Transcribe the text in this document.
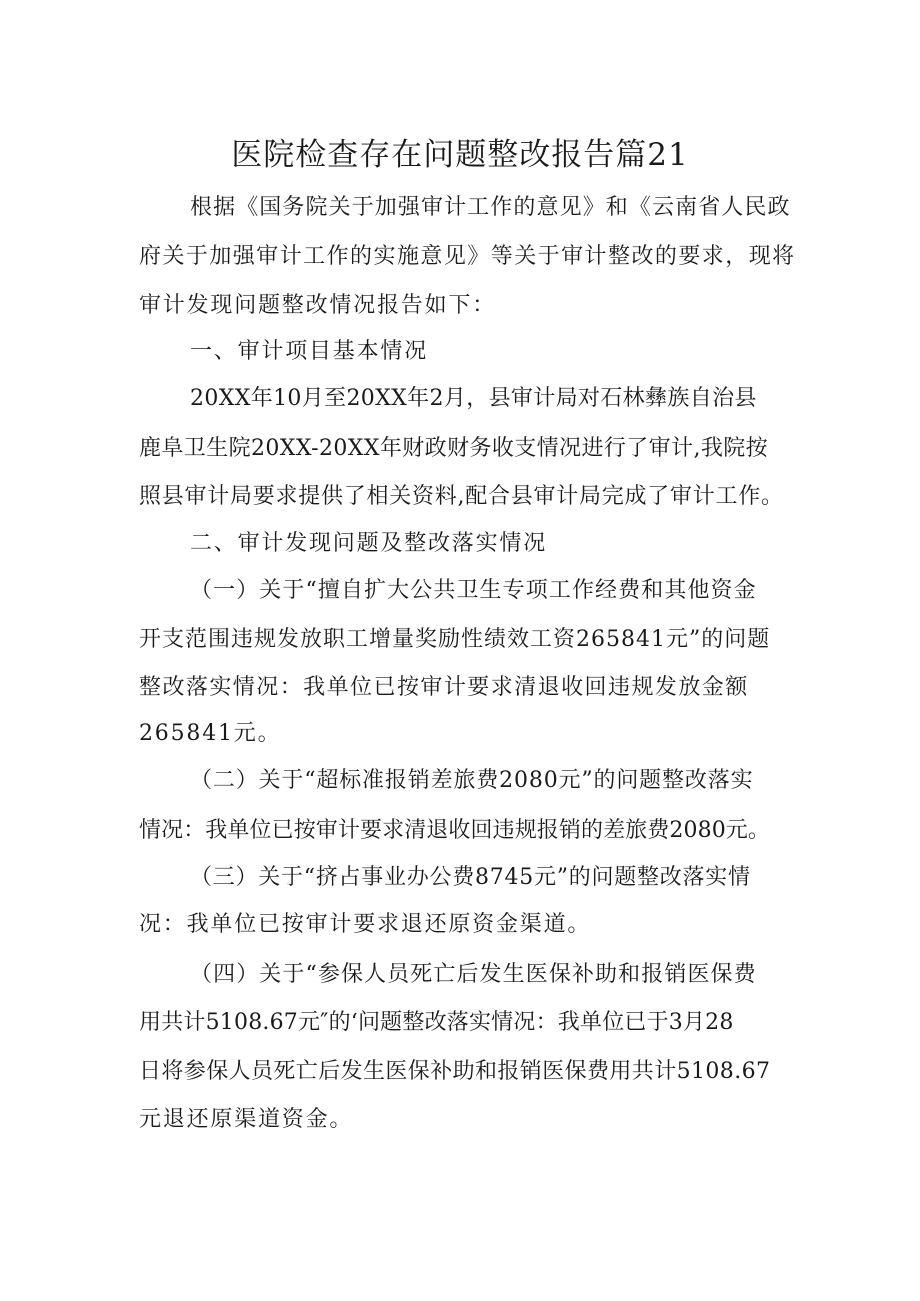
医院检查存在问题整改报告篇21
根据《国务院关于加强审计工作的意见》和《云南省人民政
府关于加强审计工作的实施意见》等关于审计整改的要求，现将
审计发现问题整改情况报告如下：
一、审计项目基本情况
20XX年10月至20XX年2月，县审计局对石林彝族自治县
鹿阜卫生院20XX-20XX年财政财务收支情况进行了审计,我院按
照县审计局要求提供了相关资料,配合县审计局完成了审计工作。
二、审计发现问题及整改落实情况
（一）关于“擅自扩大公共卫生专项工作经费和其他资金
开支范围违规发放职工增量奖励性绩效工资265841元”的问题
整改落实情况：我单位已按审计要求清退收回违规发放金额
265841元。
（二）关于“超标准报销差旅费2080元”的问题整改落实
情况：我单位已按审计要求清退收回违规报销的差旅费2080元。
（三）关于“挤占事业办公费8745元”的问题整改落实情
况：我单位已按审计要求退还原资金渠道。
（四）关于“参保人员死亡后发生医保补助和报销医保费
用共计5108.67元″的‘问题整改落实情况：我单位已于3月28
日将参保人员死亡后发生医保补助和报销医保费用共计5108.67
元退还原渠道资金。
